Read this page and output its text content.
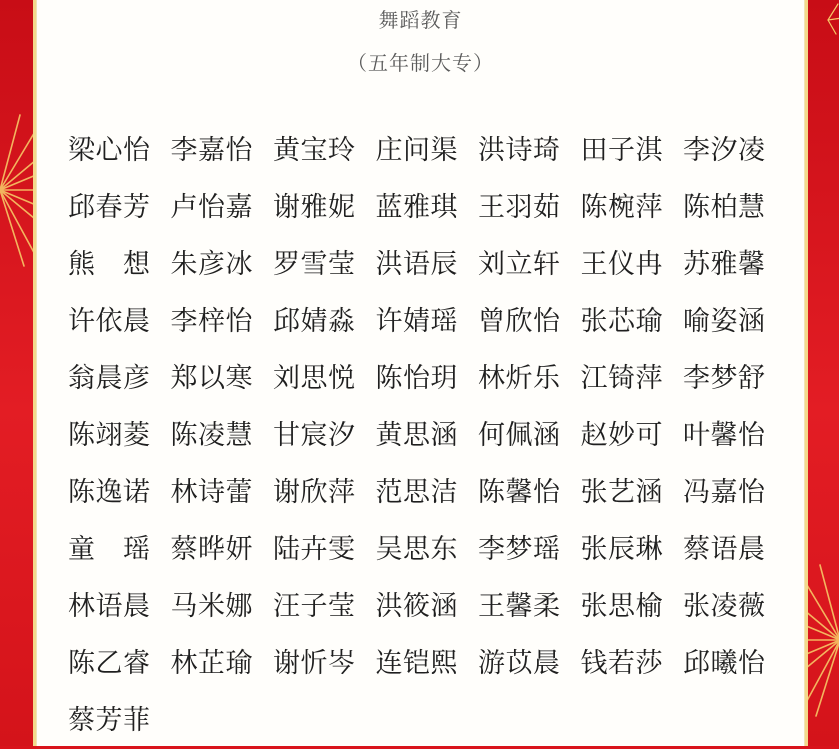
舞蹈教育
（五年制大专）
梁心怡 李嘉怡 黄宝玲 庄问渠 洪诗琦 田子淇 李汐凌
邱春芳 卢怡嘉 谢雅妮 蓝雅琪 王羽茹 陈椀萍 陈柏慧
熊　想 朱彦冰 罗雪莹 洪语辰 刘立轩 王仪冉 苏雅馨
许依晨 李梓怡 邱婧淼 许婧瑶 曾欣怡 张芯瑜 喻姿涵
翁晨彦 郑以寒 刘思悦 陈怡玥 林炘乐 江锜萍 李梦舒
陈翊菱 陈凌慧 甘宸汐 黄思涵 何佩涵 赵妙可 叶馨怡
陈逸诺 林诗蕾 谢欣萍 范思洁 陈馨怡 张艺涵 冯嘉怡
童　瑶 蔡晔妍 陆卉雯 吴思东 李梦瑶 张辰琳 蔡语晨
林语晨 马米娜 汪子莹 洪筱涵 王馨柔 张思榆 张凌薇
陈乙睿 林芷瑜 谢忻岑 连铠熙 游苡晨 钱若莎 邱曦怡
蔡芳菲
